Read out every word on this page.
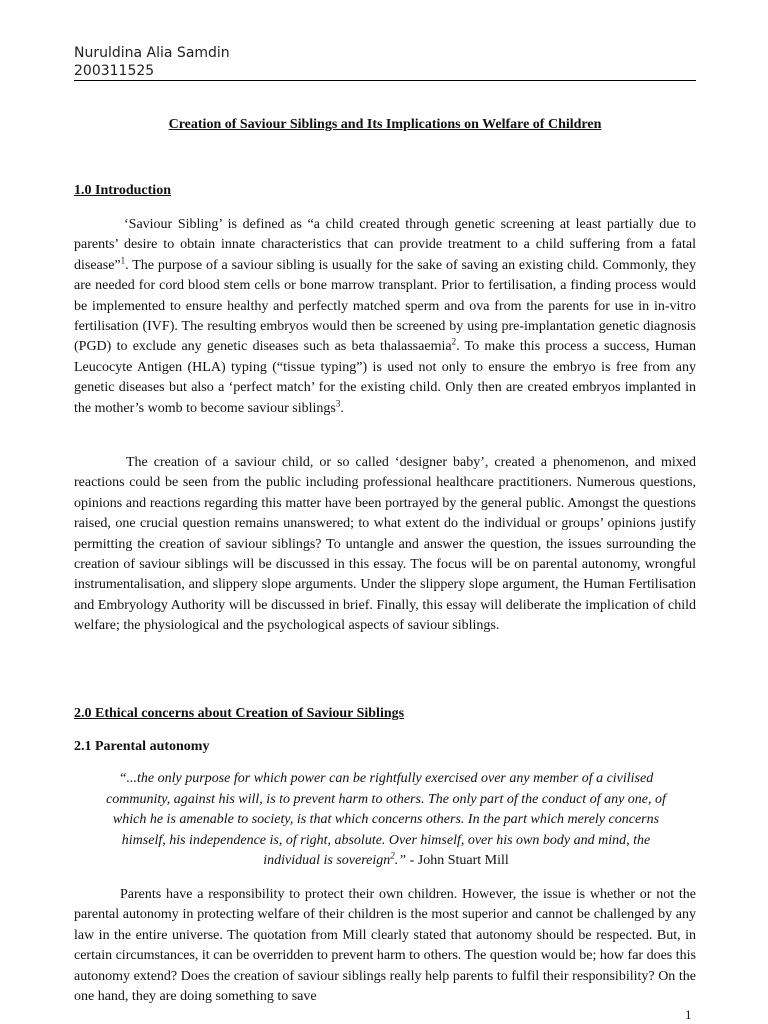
Nuruldina Alia Samdin
200311525
Creation of Saviour Siblings and Its Implications on Welfare of Children
1.0 Introduction

‘Saviour Sibling’ is defined as “a child created through genetic screening at least partially due to parents’ desire to obtain innate characteristics that can provide treatment to a child suffering from a fatal disease”$^1$. The purpose of a saviour sibling is usually for the sake of saving an existing child. Commonly, they are needed for cord blood stem cells or bone marrow transplant. Prior to fertilisation, a finding process would be implemented to ensure healthy and perfectly matched sperm and ova from the parents for use in in-vitro fertilisation (IVF). The resulting embryos would then be screened by using pre-implantation genetic diagnosis (PGD) to exclude any genetic diseases such as beta thalassaemia$^2$. To make this process a success, Human Leucocyte Antigen (HLA) typing (“tissue typing”) is used not only to ensure the embryo is free from any genetic diseases but also a ‘perfect match’ for the existing child. Only then are created embryos implanted in the mother’s womb to become saviour siblings$^3$.

The creation of a saviour child, or so called ‘designer baby’, created a phenomenon, and mixed reactions could be seen from the public including professional healthcare practitioners. Numerous questions, opinions and reactions regarding this matter have been portrayed by the general public. Amongst the questions raised, one crucial question remains unanswered; to what extent do the individual or groups’ opinions justify permitting the creation of saviour siblings? To untangle and answer the question, the issues surrounding the creation of saviour siblings will be discussed in this essay. The focus will be on parental autonomy, wrongful instrumentalisation, and slippery slope arguments. Under the slippery slope argument, the Human Fertilisation and Embryology Authority will be discussed in brief. Finally, this essay will deliberate the implication of child welfare; the physiological and the psychological aspects of saviour siblings.

2.0 Ethical concerns about Creation of Saviour Siblings
2.1 Parental autonomy

“...the only purpose for which power can be rightfully exercised over any member of a civilised community, against his will, is to prevent harm to others. The only part of the conduct of any one, of which he is amenable to society, is that which concerns others. In the part which merely concerns himself, his independence is, of right, absolute. Over himself, over his own body and mind, the individual is sovereign$^2$.” - John Stuart Mill

Parents have a responsibility to protect their own children. However, the issue is whether or not the parental autonomy in protecting welfare of their children is the most superior and cannot be challenged by any law in the entire universe. The quotation from Mill clearly stated that autonomy should be respected. But, in certain circumstances, it can be overridden to prevent harm to others. The question would be; how far does this autonomy extend? Does the creation of saviour siblings really help parents to fulfil their responsibility? On the one hand, they are doing something to save

1
